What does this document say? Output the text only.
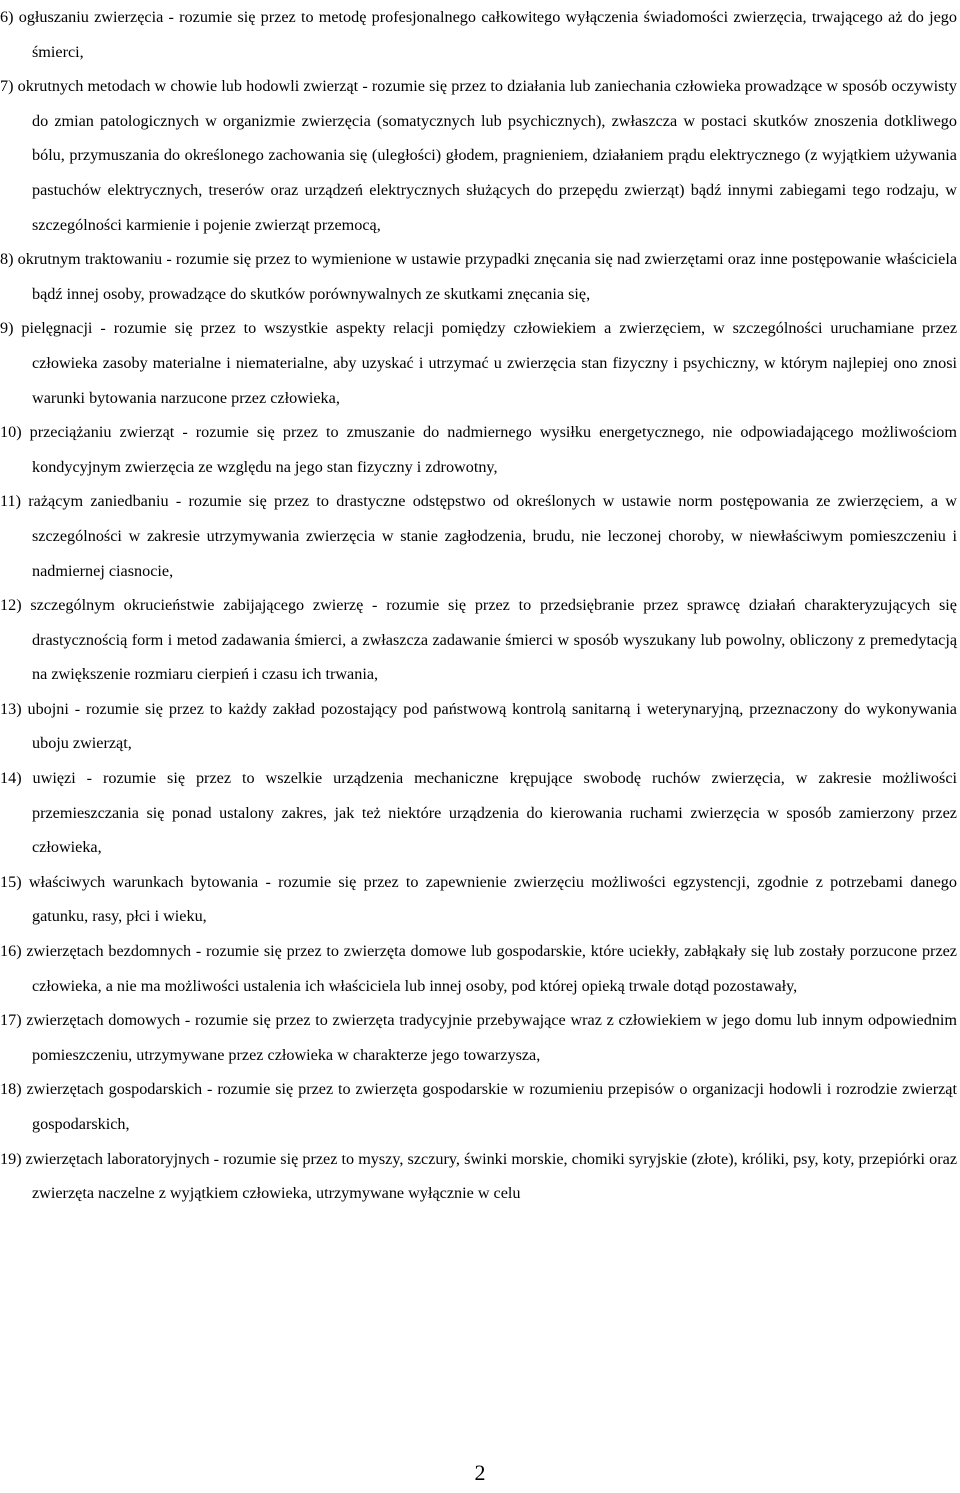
6) ogłuszaniu zwierzęcia - rozumie się przez to metodę profesjonalnego całkowitego wyłączenia świadomości zwierzęcia, trwającego aż do jego śmierci,

7) okrutnych metodach w chowie lub hodowli zwierząt - rozumie się przez to działania lub zaniechania człowieka prowadzące w sposób oczywisty do zmian patologicznych w organizmie zwierzęcia (somatycznych lub psychicznych), zwłaszcza w postaci skutków znoszenia dotkliwego bólu, przymuszania do określonego zachowania się (uległości) głodem, pragnieniem, działaniem prądu elektrycznego (z wyjątkiem używania pastuchów elektrycznych, treserów oraz urządzeń elektrycznych służących do przepędu zwierząt) bądź innymi zabiegami tego rodzaju, w szczególności karmienie i pojenie zwierząt przemocą,

8) okrutnym traktowaniu - rozumie się przez to wymienione w ustawie przypadki znęcania się nad zwierzętami oraz inne postępowanie właściciela bądź innej osoby, prowadzące do skutków porównywalnych ze skutkami znęcania się,

9) pielęgnacji - rozumie się przez to wszystkie aspekty relacji pomiędzy człowiekiem a zwierzęciem, w szczególności uruchamiane przez człowieka zasoby materialne i niematerialne, aby uzyskać i utrzymać u zwierzęcia stan fizyczny i psychiczny, w którym najlepiej ono znosi warunki bytowania narzucone przez człowieka,

10) przeciążaniu zwierząt - rozumie się przez to zmuszanie do nadmiernego wysiłku energetycznego, nie odpowiadającego możliwościom kondycyjnym zwierzęcia ze względu na jego stan fizyczny i zdrowotny,

11) rażącym zaniedbaniu - rozumie się przez to drastyczne odstępstwo od określonych w ustawie norm postępowania ze zwierzęciem, a w szczególności w zakresie utrzymywania zwierzęcia w stanie zagłodzenia, brudu, nie leczonej choroby, w niewłaściwym pomieszczeniu i nadmiernej ciasnocie,

12) szczególnym okrucieństwie zabijającego zwierzę - rozumie się przez to przedsiębranie przez sprawcę działań charakteryzujących się drastycznością form i metod zadawania śmierci, a zwłaszcza zadawanie śmierci w sposób wyszukany lub powolny, obliczony z premedytacją na zwiększenie rozmiaru cierpień i czasu ich trwania,

13) ubojni - rozumie się przez to każdy zakład pozostający pod państwową kontrolą sanitarną i weterynaryjną, przeznaczony do wykonywania uboju zwierząt,

14) uwięzi - rozumie się przez to wszelkie urządzenia mechaniczne krępujące swobodę ruchów zwierzęcia, w zakresie możliwości przemieszczania się ponad ustalony zakres, jak też niektóre urządzenia do kierowania ruchami zwierzęcia w sposób zamierzony przez człowieka,

15) właściwych warunkach bytowania - rozumie się przez to zapewnienie zwierzęciu możliwości egzystencji, zgodnie z potrzebami danego gatunku, rasy, płci i wieku,

16) zwierzętach bezdomnych - rozumie się przez to zwierzęta domowe lub gospodarskie, które uciekły, zabłąkały się lub zostały porzucone przez człowieka, a nie ma możliwości ustalenia ich właściciela lub innej osoby, pod której opieką trwale dotąd pozostawały,

17) zwierzętach domowych - rozumie się przez to zwierzęta tradycyjnie przebywające wraz z człowiekiem w jego domu lub innym odpowiednim pomieszczeniu, utrzymywane przez człowieka w charakterze jego towarzysza,

18) zwierzętach gospodarskich - rozumie się przez to zwierzęta gospodarskie w rozumieniu przepisów o organizacji hodowli i rozrodzie zwierząt gospodarskich,

19) zwierzętach laboratoryjnych - rozumie się przez to myszy, szczury, świnki morskie, chomiki syryjskie (złote), króliki, psy, koty, przepiórki oraz zwierzęta naczelne z wyjątkiem człowieka, utrzymywane wyłącznie w celu

2
